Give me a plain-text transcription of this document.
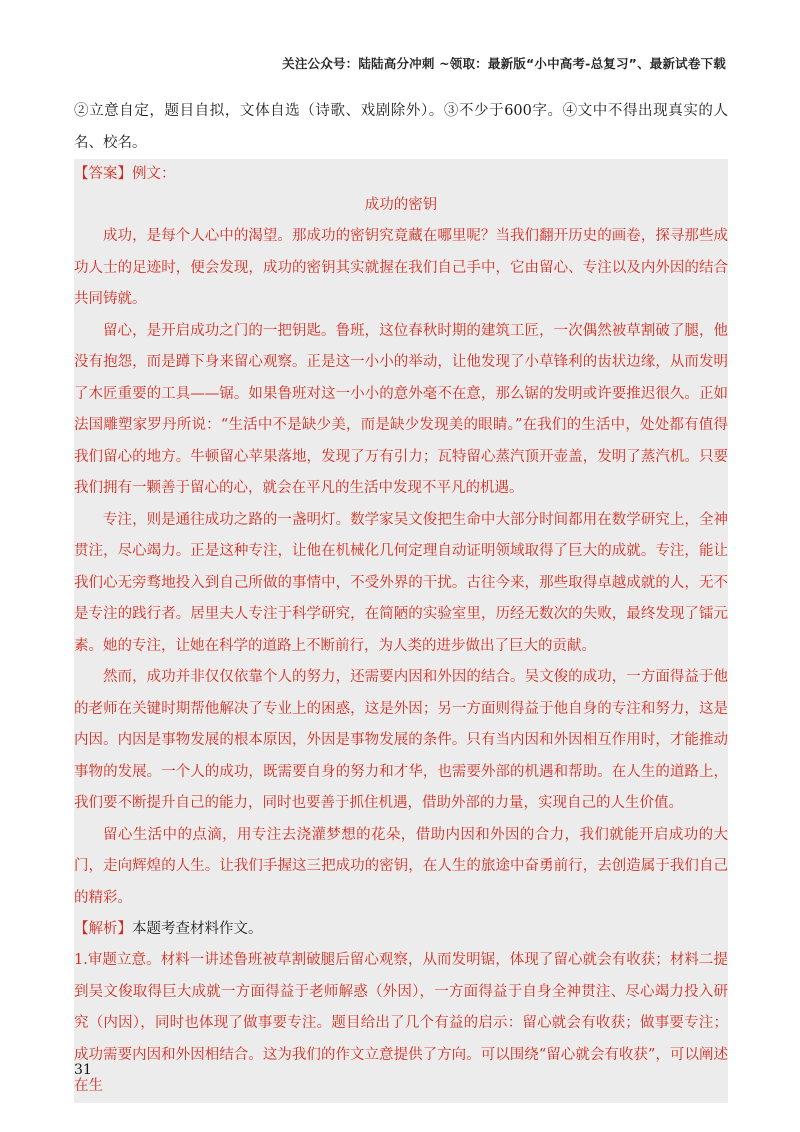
关注公众号：陆陆高分冲刺 ~领取：最新版“小中高考-总复习”、最新试卷下载
②立意自定，题目自拟，文体自选（诗歌、戏剧除外）。③不少于600字。④文中不得出现真实的人名、校名。
【答案】例文：
成功的密钥

成功，是每个人心中的渴望。那成功的密钥究竟藏在哪里呢？当我们翻开历史的画卷，探寻那些成功人士的足迹时，便会发现，成功的密钥其实就握在我们自己手中，它由留心、专注以及内外因的结合共同铸就。

留心，是开启成功之门的一把钥匙。鲁班，这位春秋时期的建筑工匠，一次偶然被草割破了腿，他没有抱怨，而是蹲下身来留心观察。正是这一小小的举动，让他发现了小草锋利的齿状边缘，从而发明了木匠重要的工具——锯。如果鲁班对这一小小的意外毫不在意，那么锯的发明或许要推迟很久。正如法国雕塑家罗丹所说：“生活中不是缺少美，而是缺少发现美的眼睛。”在我们的生活中，处处都有值得我们留心的地方。牛顿留心苹果落地，发现了万有引力；瓦特留心蒸汽顶开壶盖，发明了蒸汽机。只要我们拥有一颗善于留心的心，就会在平凡的生活中发现不平凡的机遇。

专注，则是通往成功之路的一盏明灯。数学家吴文俊把生命中大部分时间都用在数学研究上，全神贯注，尽心竭力。正是这种专注，让他在机械化几何定理自动证明领域取得了巨大的成就。专注，能让我们心无旁骛地投入到自己所做的事情中，不受外界的干扰。古往今来，那些取得卓越成就的人，无不是专注的践行者。居里夫人专注于科学研究，在简陋的实验室里，历经无数次的失败，最终发现了镭元素。她的专注，让她在科学的道路上不断前行，为人类的进步做出了巨大的贡献。

然而，成功并非仅仅依靠个人的努力，还需要内因和外因的结合。吴文俊的成功，一方面得益于他的老师在关键时期帮他解决了专业上的困惑，这是外因；另一方面则得益于他自身的专注和努力，这是内因。内因是事物发展的根本原因，外因是事物发展的条件。只有当内因和外因相互作用时，才能推动事物的发展。一个人的成功，既需要自身的努力和才华，也需要外部的机遇和帮助。在人生的道路上，我们要不断提升自己的能力，同时也要善于抓住机遇，借助外部的力量，实现自己的人生价值。

留心生活中的点滴，用专注去浇灌梦想的花朵，借助内因和外因的合力，我们就能开启成功的大门，走向辉煌的人生。让我们手握这三把成功的密钥，在人生的旅途中奋勇前行，去创造属于我们自己的精彩。

【解析】本题考查材料作文。

1.审题立意。材料一讲述鲁班被草割破腿后留心观察，从而发明锯，体现了留心就会有收获；材料二提到吴文俊取得巨大成就一方面得益于老师解惑（外因），一方面得益于自身全神贯注、尽心竭力投入研究（内因），同时也体现了做事要专注。题目给出了几个有益的启示：留心就会有收获；做事要专注；成功需要内因和外因相结合。这为我们的作文立意提供了方向。可以围绕“留心就会有收获”，可以阐述在生

31
